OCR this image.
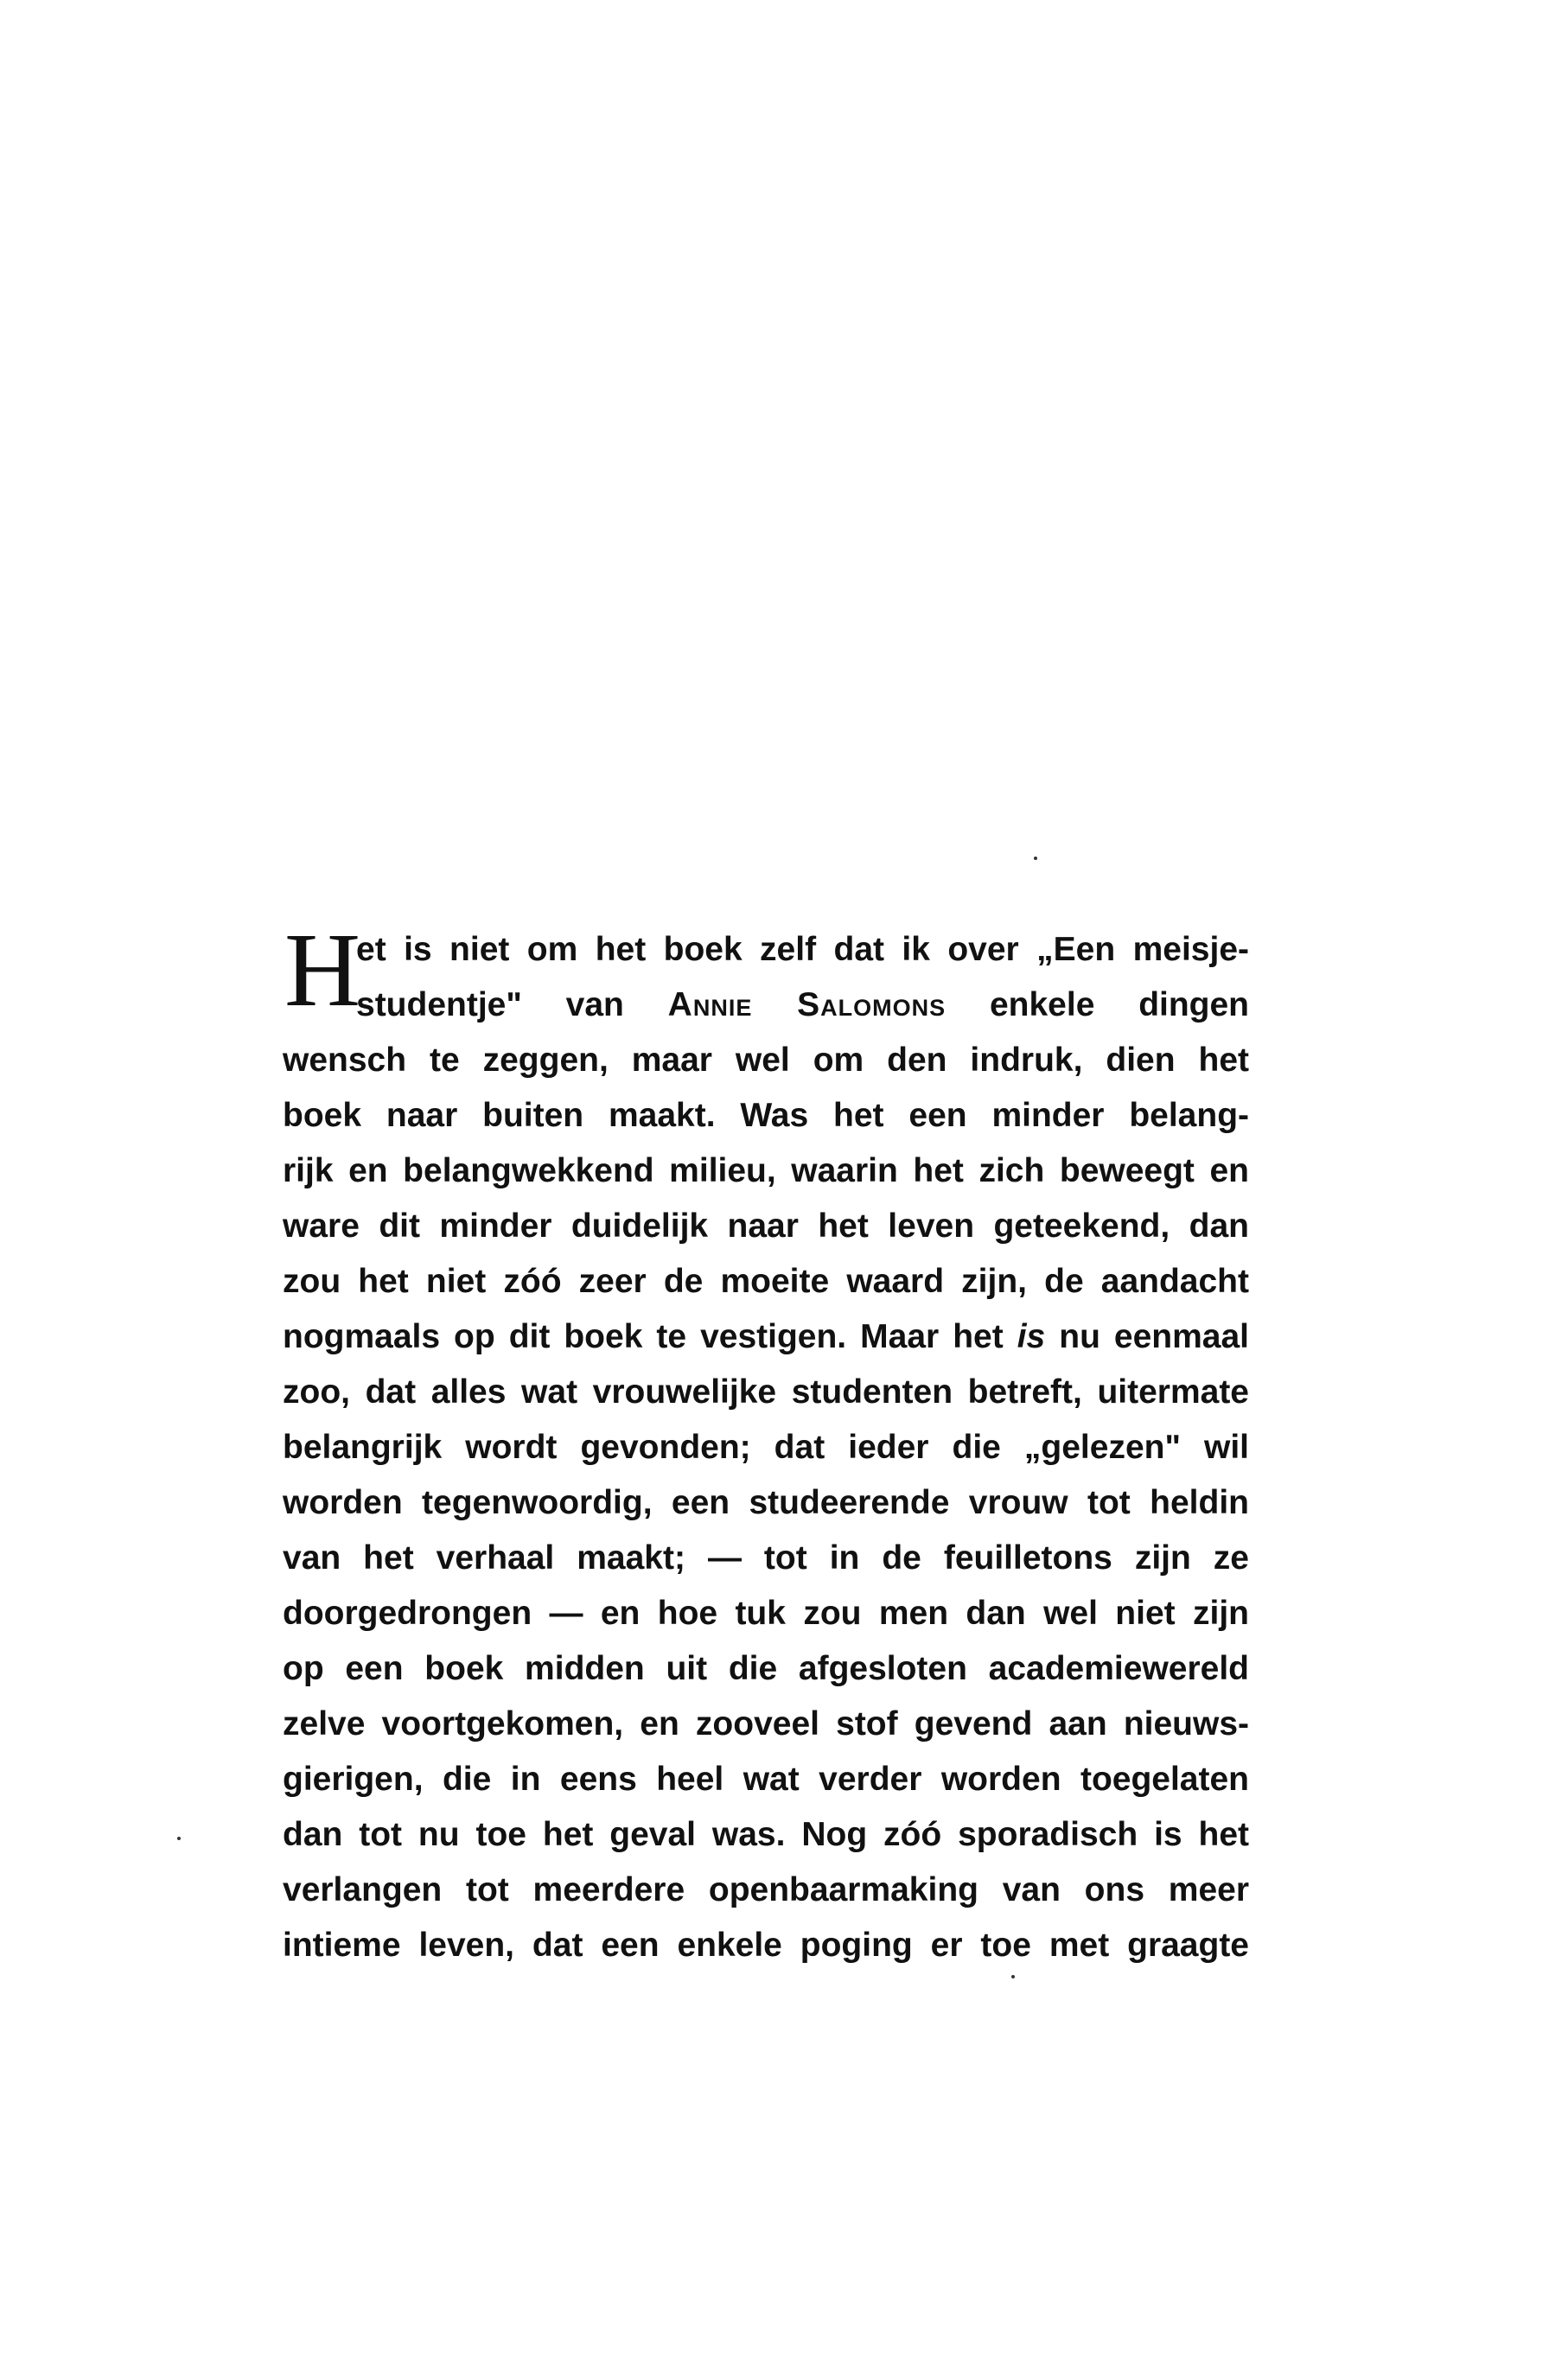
H
et is niet om het boek zelf dat ik over „Een meisje-
studentje" van Annie Salomons enkele dingen
wensch te zeggen, maar wel om den indruk, dien het
boek naar buiten maakt. Was het een minder belang-
rijk en belangwekkend milieu, waarin het zich beweegt en
ware dit minder duidelijk naar het leven geteekend, dan
zou het niet zóó zeer de moeite waard zijn, de aandacht
nogmaals op dit boek te vestigen. Maar het is nu eenmaal
zoo, dat alles wat vrouwelijke studenten betreft, uitermate
belangrijk wordt gevonden; dat ieder die „gelezen" wil
worden tegenwoordig, een studeerende vrouw tot heldin
van het verhaal maakt; — tot in de feuilletons zijn ze
doorgedrongen — en hoe tuk zou men dan wel niet zijn
op een boek midden uit die afgesloten academiewereld
zelve voortgekomen, en zooveel stof gevend aan nieuws-
gierigen, die in eens heel wat verder worden toegelaten
dan tot nu toe het geval was. Nog zóó sporadisch is het
verlangen tot meerdere openbaarmaking van ons meer
intieme leven, dat een enkele poging er toe met graagte
